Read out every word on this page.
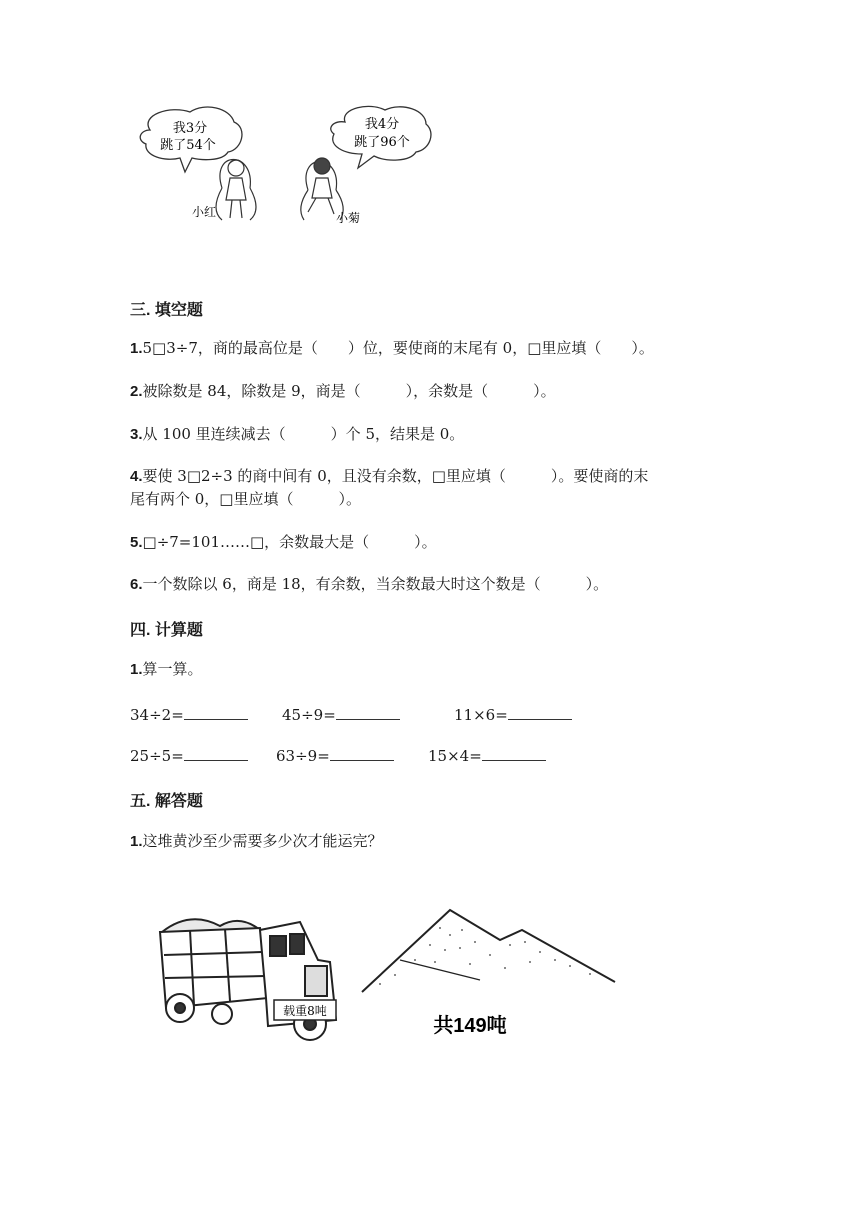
我3分
跳了54个
我4分
跳了96个
小红	小菊
三. 填空题
1.5□3÷7，商的最高位是（　　）位，要使商的末尾有 0，□里应填（　　）。
2.被除数是 84，除数是 9，商是（　　　），余数是（　　　）。
3.从 100 里连续减去（　　　）个 5，结果是 0。
4.要使 3□2÷3 的商中间有 0，且没有余数，□里应填（　　　）。要使商的末
尾有两个 0，□里应填（　　　）。
5.□÷7=101……□，余数最大是（　　　）。
6.一个数除以 6，商是 18，有余数，当余数最大时这个数是（　　　）。
四. 计算题
1.算一算。
34÷2=	45÷9=	11×6=
25÷5=	63÷9=	15×4=
五. 解答题
1.这堆黄沙至少需要多少次才能运完？
载重8吨
共149吨
